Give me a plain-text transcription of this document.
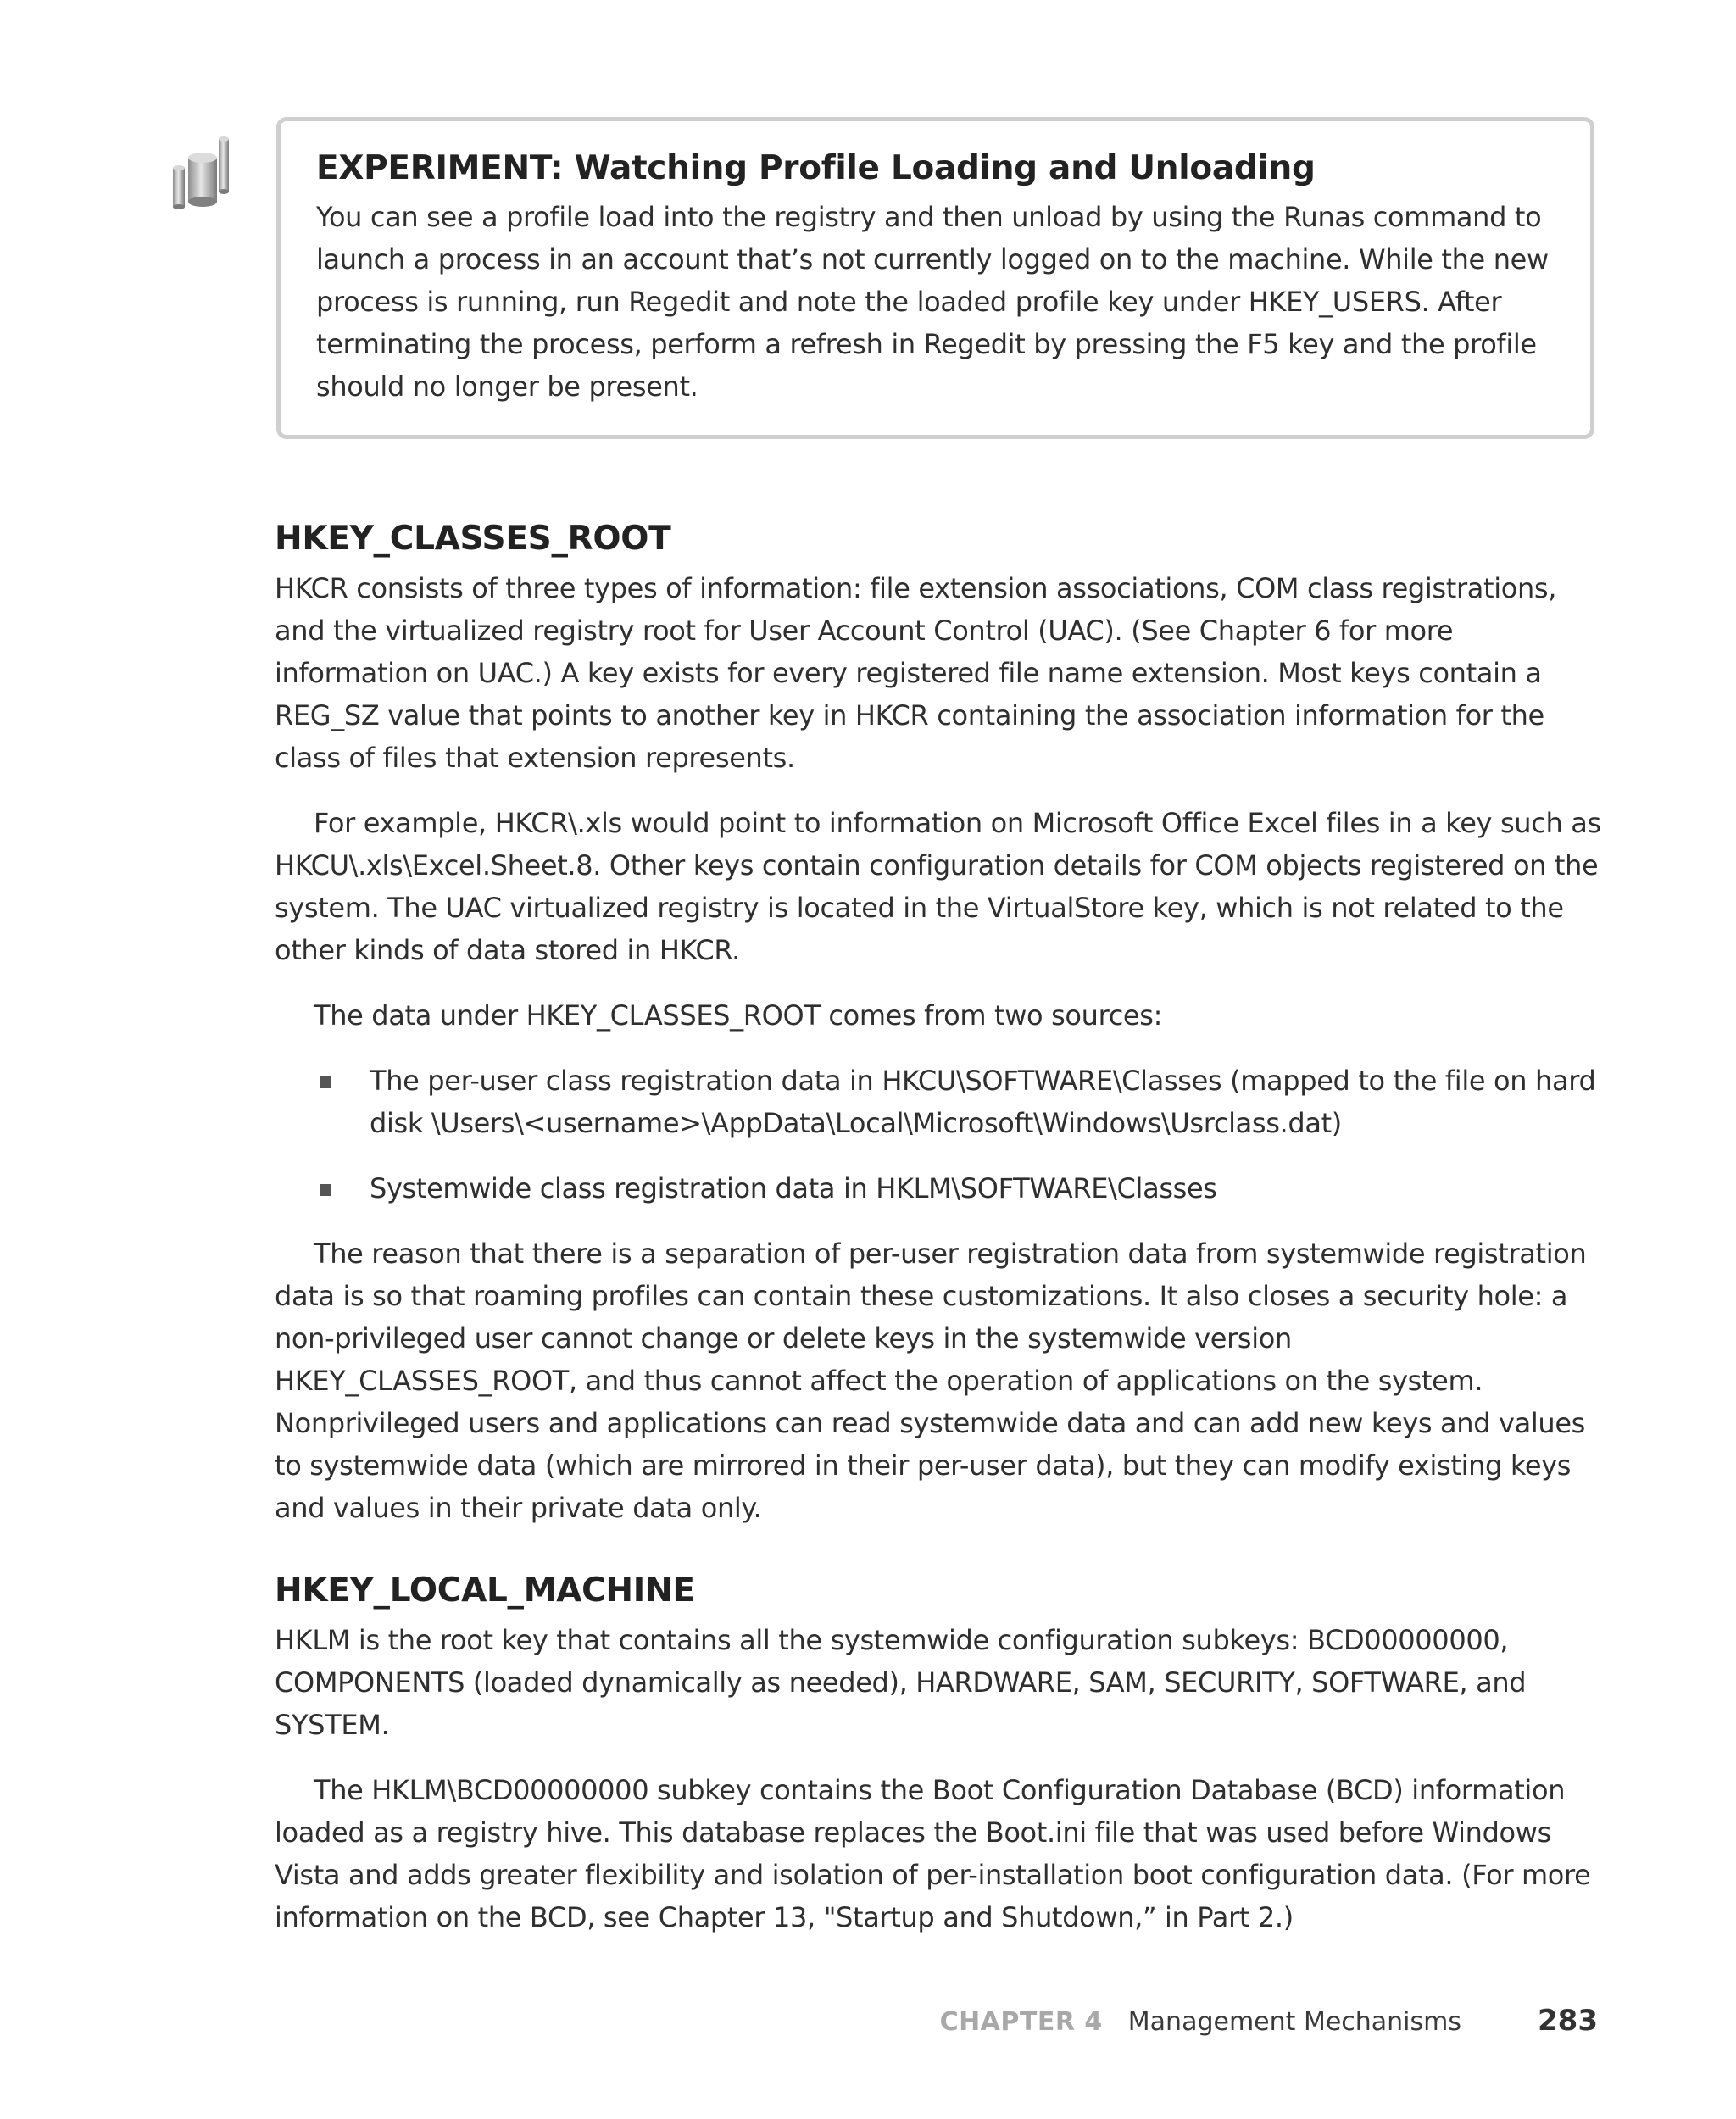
EXPERIMENT: Watching Profile Loading and Unloading

You can see a profile load into the registry and then unload by using the Runas command to launch a process in an account that’s not currently logged on to the machine. While the new process is running, run Regedit and note the loaded profile key under HKEY_USERS. After terminating the process, perform a refresh in Regedit by pressing the F5 key and the profile should no longer be present.

HKEY_CLASSES_ROOT

HKCR consists of three types of information: file extension associations, COM class registrations, and the virtualized registry root for User Account Control (UAC). (See Chapter 6 for more information on UAC.) A key exists for every registered file name extension. Most keys contain a REG_SZ value that points to another key in HKCR containing the association information for the class of files that extension represents.

For example, HKCR\.xls would point to information on Microsoft Office Excel files in a key such as HKCU\.xls\Excel.Sheet.8. Other keys contain configuration details for COM objects registered on the system. The UAC virtualized registry is located in the VirtualStore key, which is not related to the other kinds of data stored in HKCR.

The data under HKEY_CLASSES_ROOT comes from two sources:

The per-user class registration data in HKCU\SOFTWARE\Classes (mapped to the file on hard disk \Users\<username>\AppData\Local\Microsoft\Windows\Usrclass.dat)
Systemwide class registration data in HKLM\SOFTWARE\Classes

The reason that there is a separation of per-user registration data from systemwide registration data is so that roaming profiles can contain these customizations. It also closes a security hole: a non-privileged user cannot change or delete keys in the systemwide version HKEY_CLASSES_ROOT, and thus cannot affect the operation of applications on the system. Nonprivileged users and applications can read systemwide data and can add new keys and values to systemwide data (which are mirrored in their per-user data), but they can modify existing keys and values in their private data only.

HKEY_LOCAL_MACHINE

HKLM is the root key that contains all the systemwide configuration subkeys: BCD00000000, COMPONENTS (loaded dynamically as needed), HARDWARE, SAM, SECURITY, SOFTWARE, and SYSTEM.

The HKLM\BCD00000000 subkey contains the Boot Configuration Database (BCD) information loaded as a registry hive. This database replaces the Boot.ini file that was used before Windows Vista and adds greater flexibility and isolation of per-installation boot configuration data. (For more information on the BCD, see Chapter 13, "Startup and Shutdown,” in Part 2.)

CHAPTER 4 Management Mechanisms	283
